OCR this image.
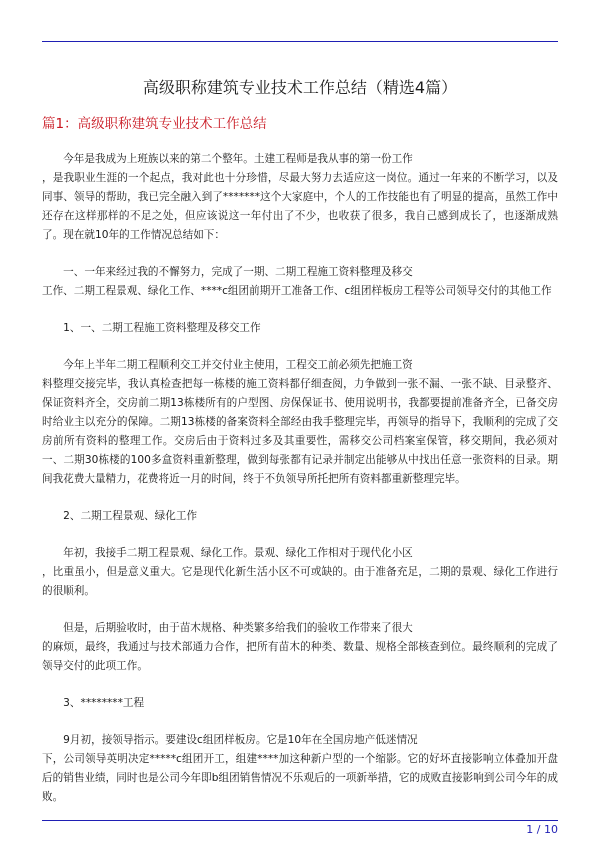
高级职称建筑专业技术工作总结（精选4篇）
篇1：高级职称建筑专业技术工作总结

　　今年是我成为上班族以来的第二个整年。土建工程师是我从事的第一份工作
，是我职业生涯的一个起点，我对此也十分珍惜，尽最大努力去适应这一岗位。通过一年来的不断学习，以及同事、领导的帮助，我已完全融入到了*******这个大家庭中，个人的工作技能也有了明显的提高，虽然工作中还存在这样那样的不足之处，但应该说这一年付出了不少，也收获了很多，我自己感到成长了，也逐渐成熟了。现在就10年的工作情况总结如下：

　　一、一年来经过我的不懈努力，完成了一期、二期工程施工资料整理及移交
工作、二期工程景观、绿化工作、****c组团前期开工准备工作、c组团样板房工程等公司领导交付的其他工作

　　1、一、二期工程施工资料整理及移交工作

　　今年上半年二期工程顺利交工并交付业主使用，工程交工前必须先把施工资
料整理交接完毕，我认真检查把每一栋楼的施工资料都仔细查阅，力争做到一张不漏、一张不缺、目录整齐、保证资料齐全，交房前二期13栋楼所有的户型图、房保保证书、使用说明书，我都要提前准备齐全，已备交房时给业主以充分的保障。二期13栋楼的备案资料全部经由我手整理完毕，再领导的指导下，我顺利的完成了交房前所有资料的整理工作。交房后由于资料过多及其重要性，需移交公司档案室保管，移交期间，我必须对一、二期30栋楼的100多盒资料重新整理，做到每张都有记录并制定出能够从中找出任意一张资料的目录。期间我花费大量精力，花费将近一月的时间，终于不负领导所托把所有资料都重新整理完毕。

　　2、二期工程景观、绿化工作

　　年初，我接手二期工程景观、绿化工作。景观、绿化工作相对于现代化小区
，比重虽小，但是意义重大。它是现代化新生活小区不可或缺的。由于准备充足，二期的景观、绿化工作进行的很顺利。

　　但是，后期验收时，由于苗木规格、种类繁多给我们的验收工作带来了很大
的麻烦，最终，我通过与技术部通力合作，把所有苗木的种类、数量、规格全部核查到位。最终顺利的完成了领导交付的此项工作。

　　3、********工程

　　9月初，接领导指示。要建设c组团样板房。它是10年在全国房地产低迷情况
下，公司领导英明决定*****c组团开工，组建****加这种新户型的一个缩影。它的好坏直接影响立体叠加开盘后的销售业绩，同时也是公司今年即b组团销售情况不乐观后的一项新举措，它的成败直接影响到公司今年的成败。

1 / 10
